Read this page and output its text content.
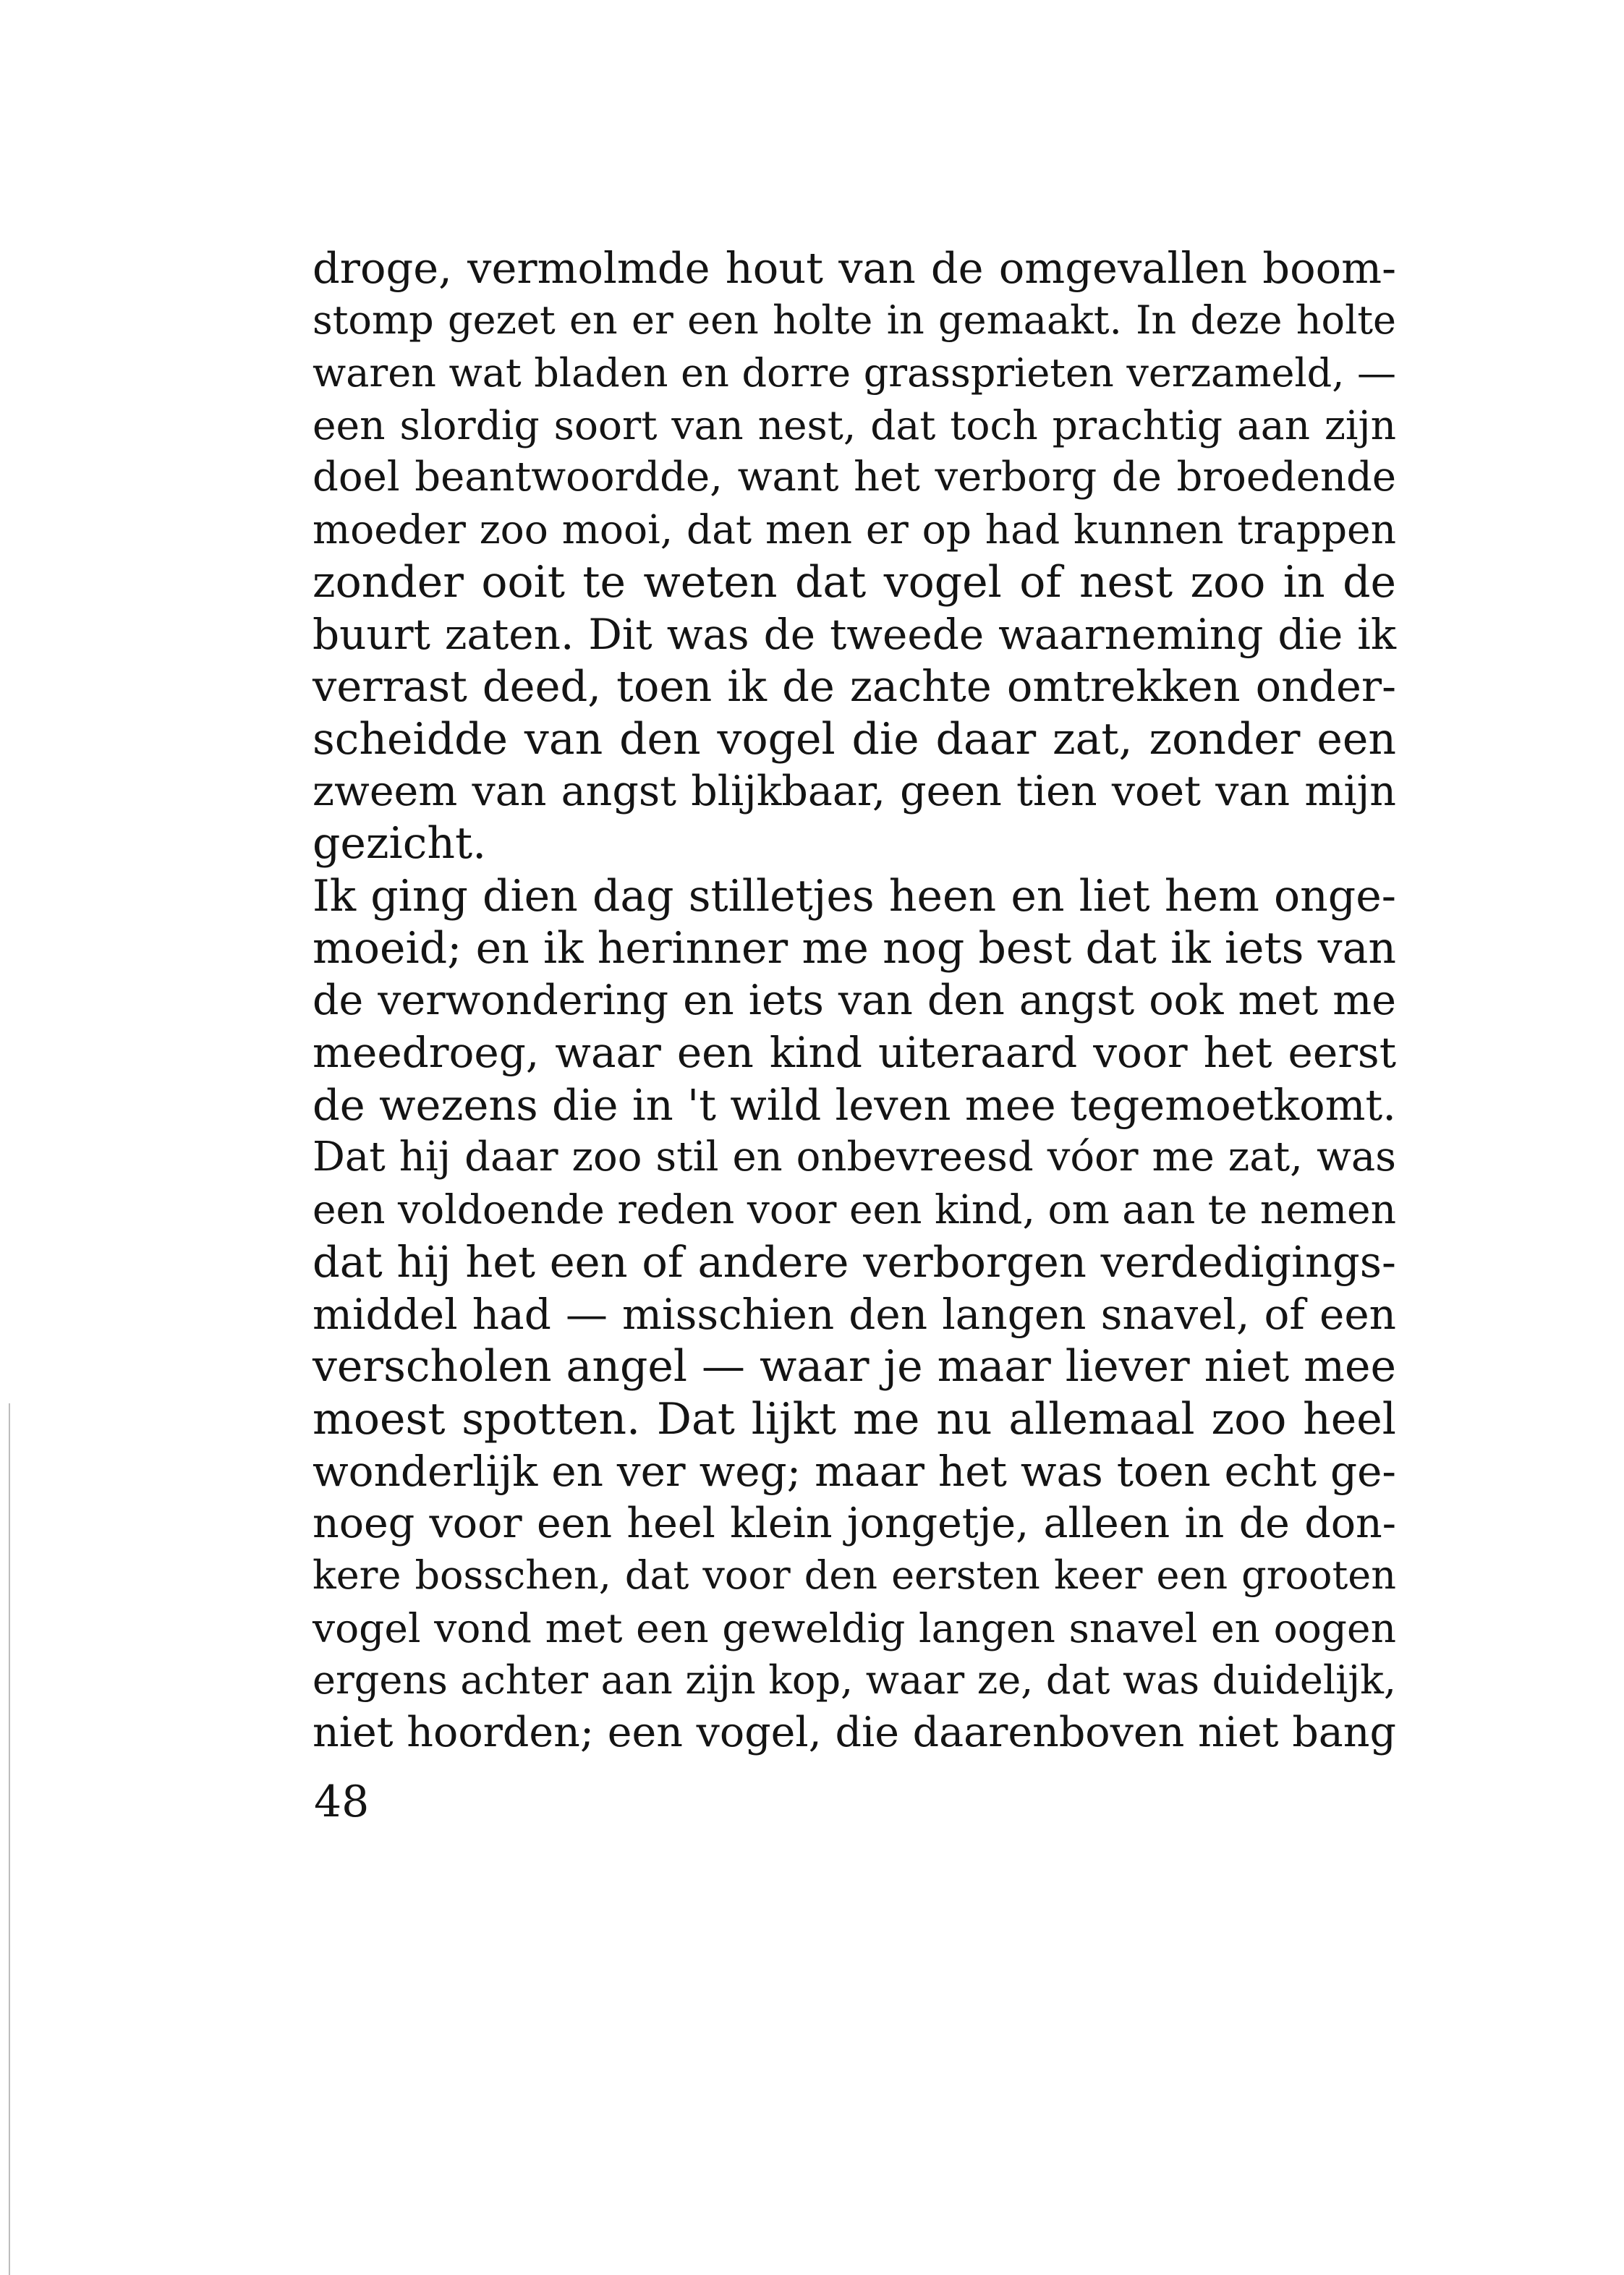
droge, vermolmde hout van de omgevallen boom-
stomp gezet en er een holte in gemaakt. In deze holte
waren wat bladen en dorre grassprieten verzameld, —
een slordig soort van nest, dat toch prachtig aan zijn
doel beantwoordde, want het verborg de broedende
moeder zoo mooi, dat men er op had kunnen trappen
zonder ooit te weten dat vogel of nest zoo in de
buurt zaten. Dit was de tweede waarneming die ik
verrast deed, toen ik de zachte omtrekken onder-
scheidde van den vogel die daar zat, zonder een
zweem van angst blijkbaar, geen tien voet van mijn
gezicht.
Ik ging dien dag stilletjes heen en liet hem onge-
moeid; en ik herinner me nog best dat ik iets van
de verwondering en iets van den angst ook met me
meedroeg, waar een kind uiteraard voor het eerst
de wezens die in 't wild leven mee tegemoetkomt.
Dat hij daar zoo stil en onbevreesd vóor me zat, was
een voldoende reden voor een kind, om aan te nemen
dat hij het een of andere verborgen verdedigings-
middel had — misschien den langen snavel, of een
verscholen angel — waar je maar liever niet mee
moest spotten. Dat lijkt me nu allemaal zoo heel
wonderlijk en ver weg; maar het was toen echt ge-
noeg voor een heel klein jongetje, alleen in de don-
kere bosschen, dat voor den eersten keer een grooten
vogel vond met een geweldig langen snavel en oogen
ergens achter aan zijn kop, waar ze, dat was duidelijk,
niet hoorden; een vogel, die daarenboven niet bang
48
